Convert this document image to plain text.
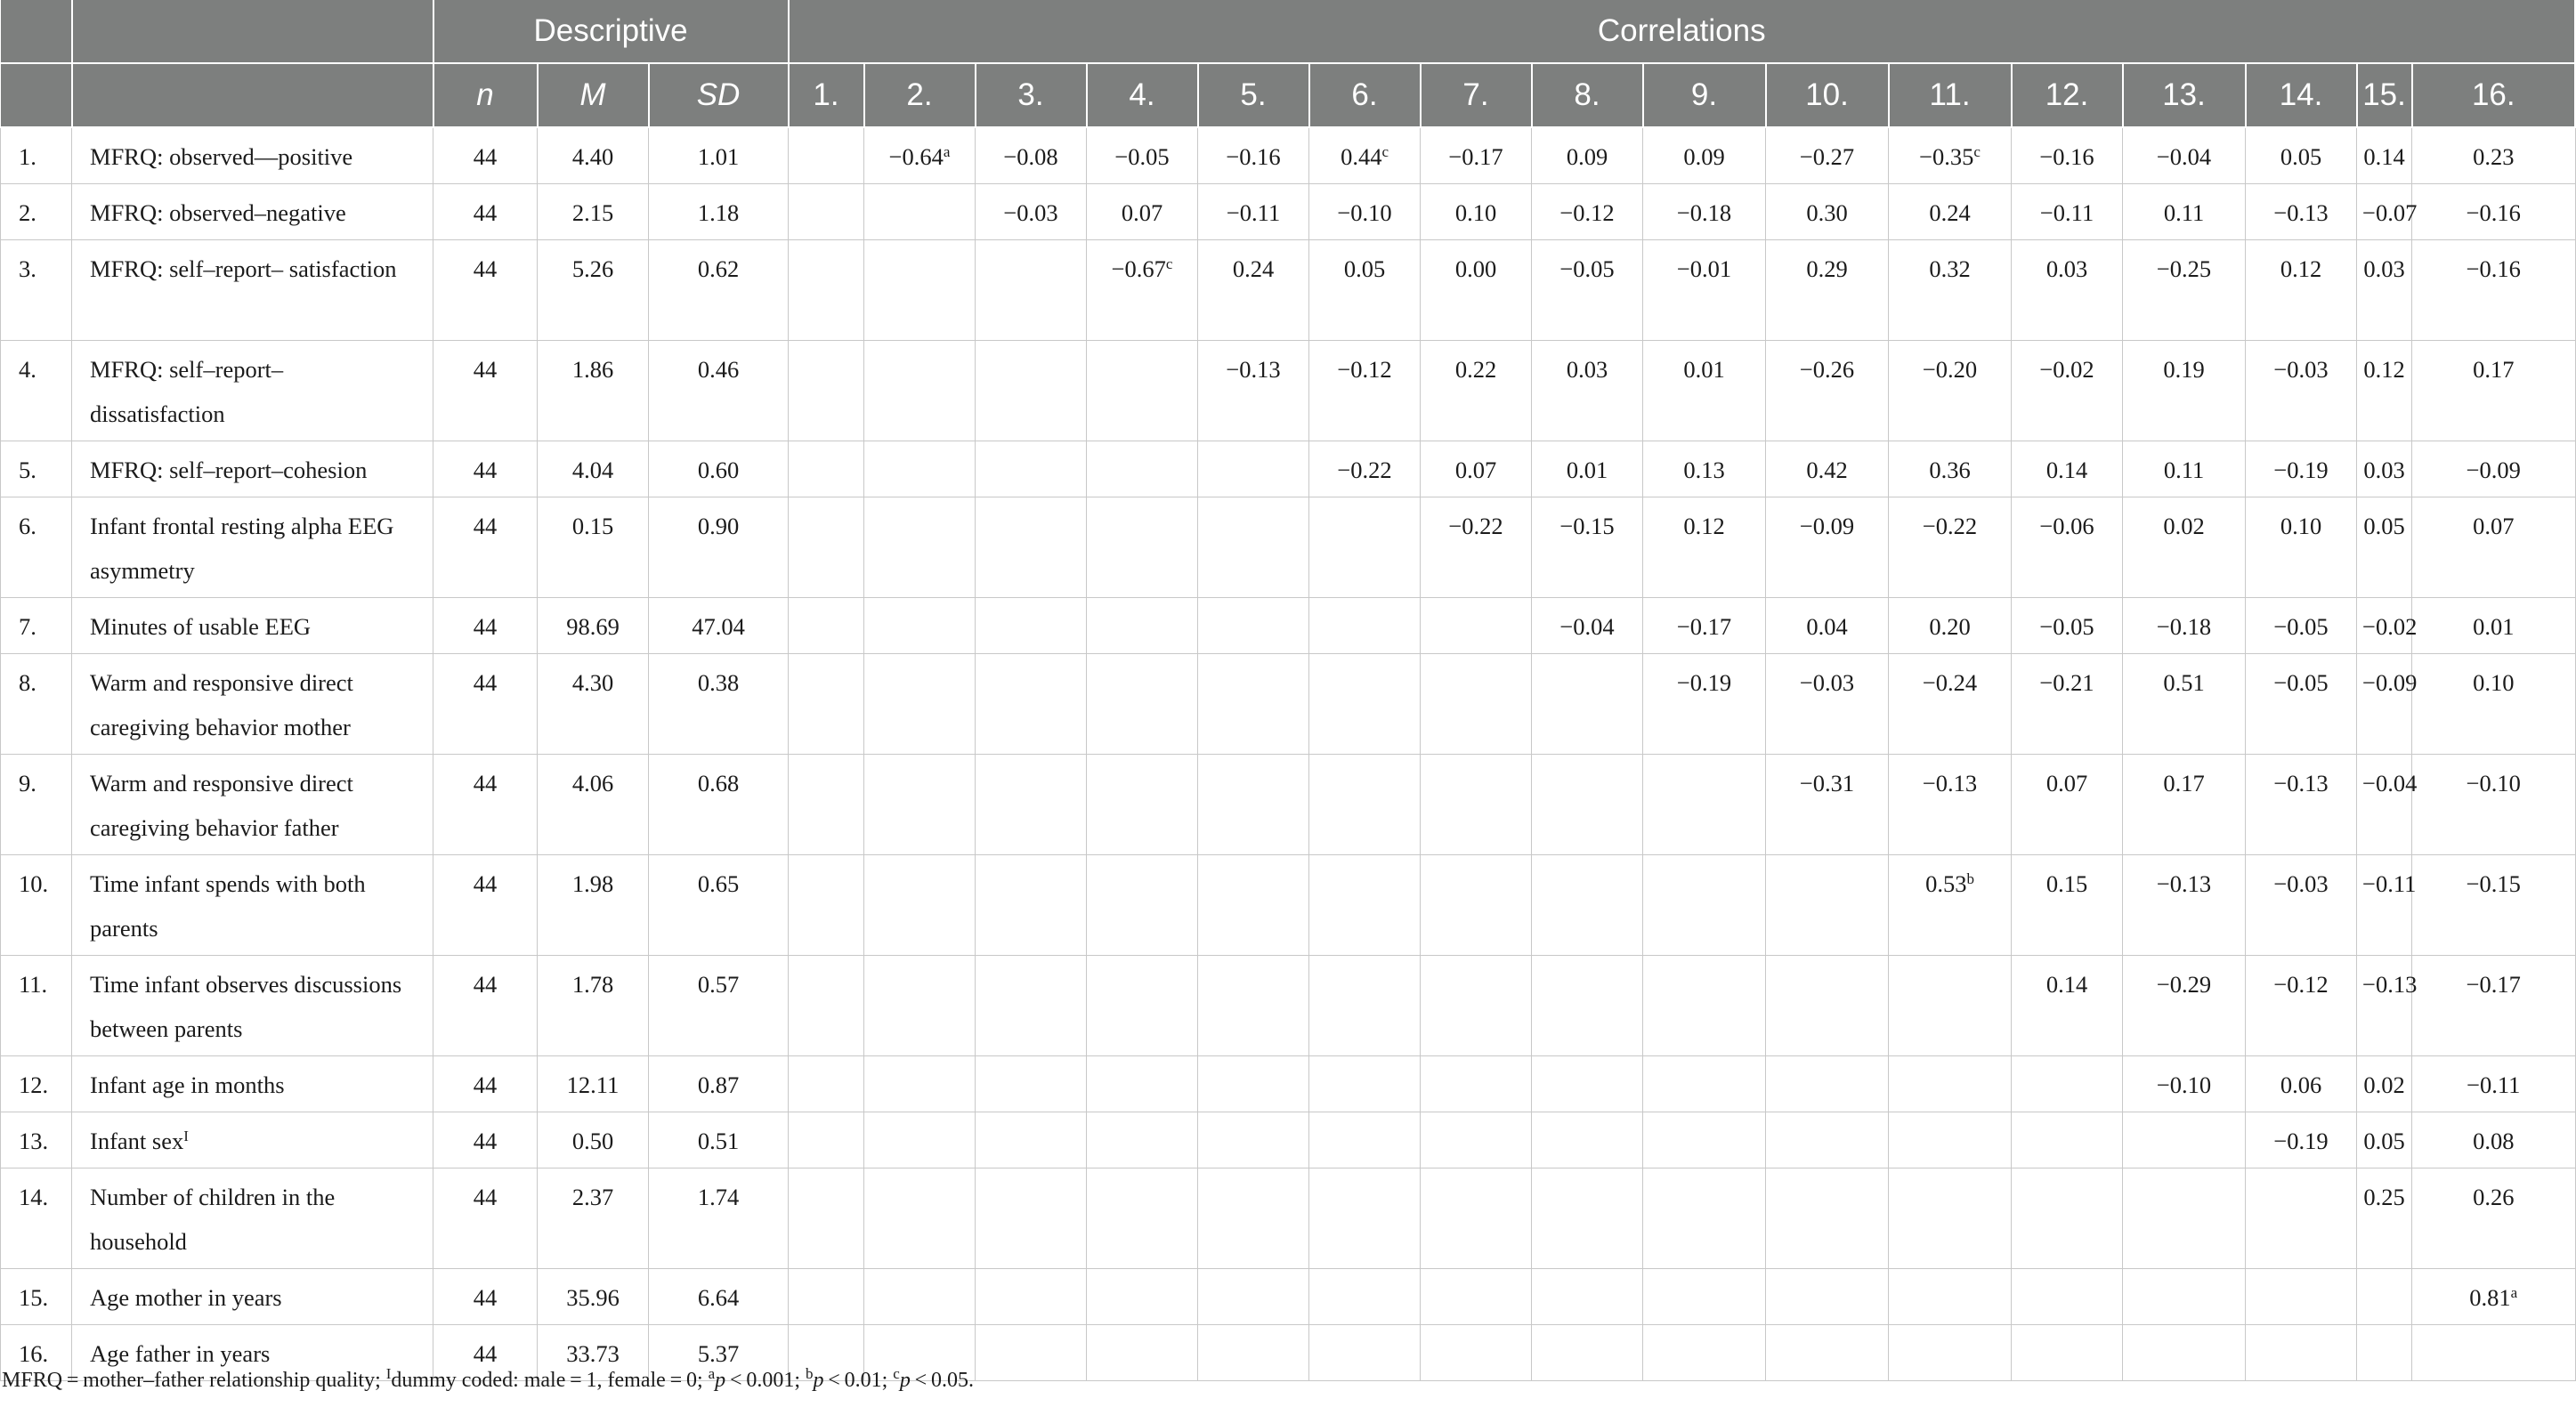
		Descriptive			Correlations															
		n	M	SD	1.	2.	3.	4.	5.	6.	7.	8.	9.	10.	11.	12.	13.	14.	15.	16.

1.	MFRQ: observed—positive	44	4.40	1.01		−0.64$^a$	−0.08	−0.05	−0.16	0.44$^c$	−0.17	0.09	0.09	−0.27	−0.35$^c$	−0.16	−0.04	0.05	0.14	0.23

2.	MFRQ: observed–negative	44	2.15	1.18			−0.03	0.07	−0.11	−0.10	0.10	−0.12	−0.18	0.30	0.24	−0.11	0.11	−0.13	−0.07	−0.16

3.	MFRQ: self–report– satisfaction	44	5.26	0.62				−0.67$^c$	0.24	0.05	0.00	−0.05	−0.01	0.29	0.32	0.03	−0.25	0.12	0.03	−0.16

4.	MFRQ: self–report– dissatisfaction	44	1.86	0.46					−0.13	−0.12	0.22	0.03	0.01	−0.26	−0.20	−0.02	0.19	−0.03	0.12	0.17

5.	MFRQ: self–report–cohesion	44	4.04	0.60						−0.22	0.07	0.01	0.13	0.42	0.36	0.14	0.11	−0.19	0.03	−0.09

6.	Infant frontal resting alpha EEG asymmetry	44	0.15	0.90							−0.22	−0.15	0.12	−0.09	−0.22	−0.06	0.02	0.10	0.05	0.07

7.	Minutes of usable EEG	44	98.69	47.04								−0.04	−0.17	0.04	0.20	−0.05	−0.18	−0.05	−0.02	0.01

8.	Warm and responsive direct caregiving behavior mother	44	4.30	0.38									−0.19	−0.03	−0.24	−0.21	0.51	−0.05	−0.09	0.10

9.	Warm and responsive direct caregiving behavior father	44	4.06	0.68										−0.31	−0.13	0.07	0.17	−0.13	−0.04	−0.10

10.	Time infant spends with both parents	44	1.98	0.65											0.53$^b$	0.15	−0.13	−0.03	−0.11	−0.15

11.	Time infant observes discussions between parents	44	1.78	0.57												0.14	−0.29	−0.12	−0.13	−0.17

12.	Infant age in months	44	12.11	0.87													−0.10	0.06	0.02	−0.11

13.	Infant sex$^I$	44	0.50	0.51														−0.19	0.05	0.08

14.	Number of children in the household	44	2.37	1.74															0.25	0.26

15.	Age mother in years	44	35.96	6.64																0.81$^a$

16.	Age father in years	44	33.73	5.37																

MFRQ = mother–father relationship quality; $^I$dummy coded: male = 1, female = 0; $^a$p < 0.001; $^b$p < 0.01; $^c$p < 0.05.
